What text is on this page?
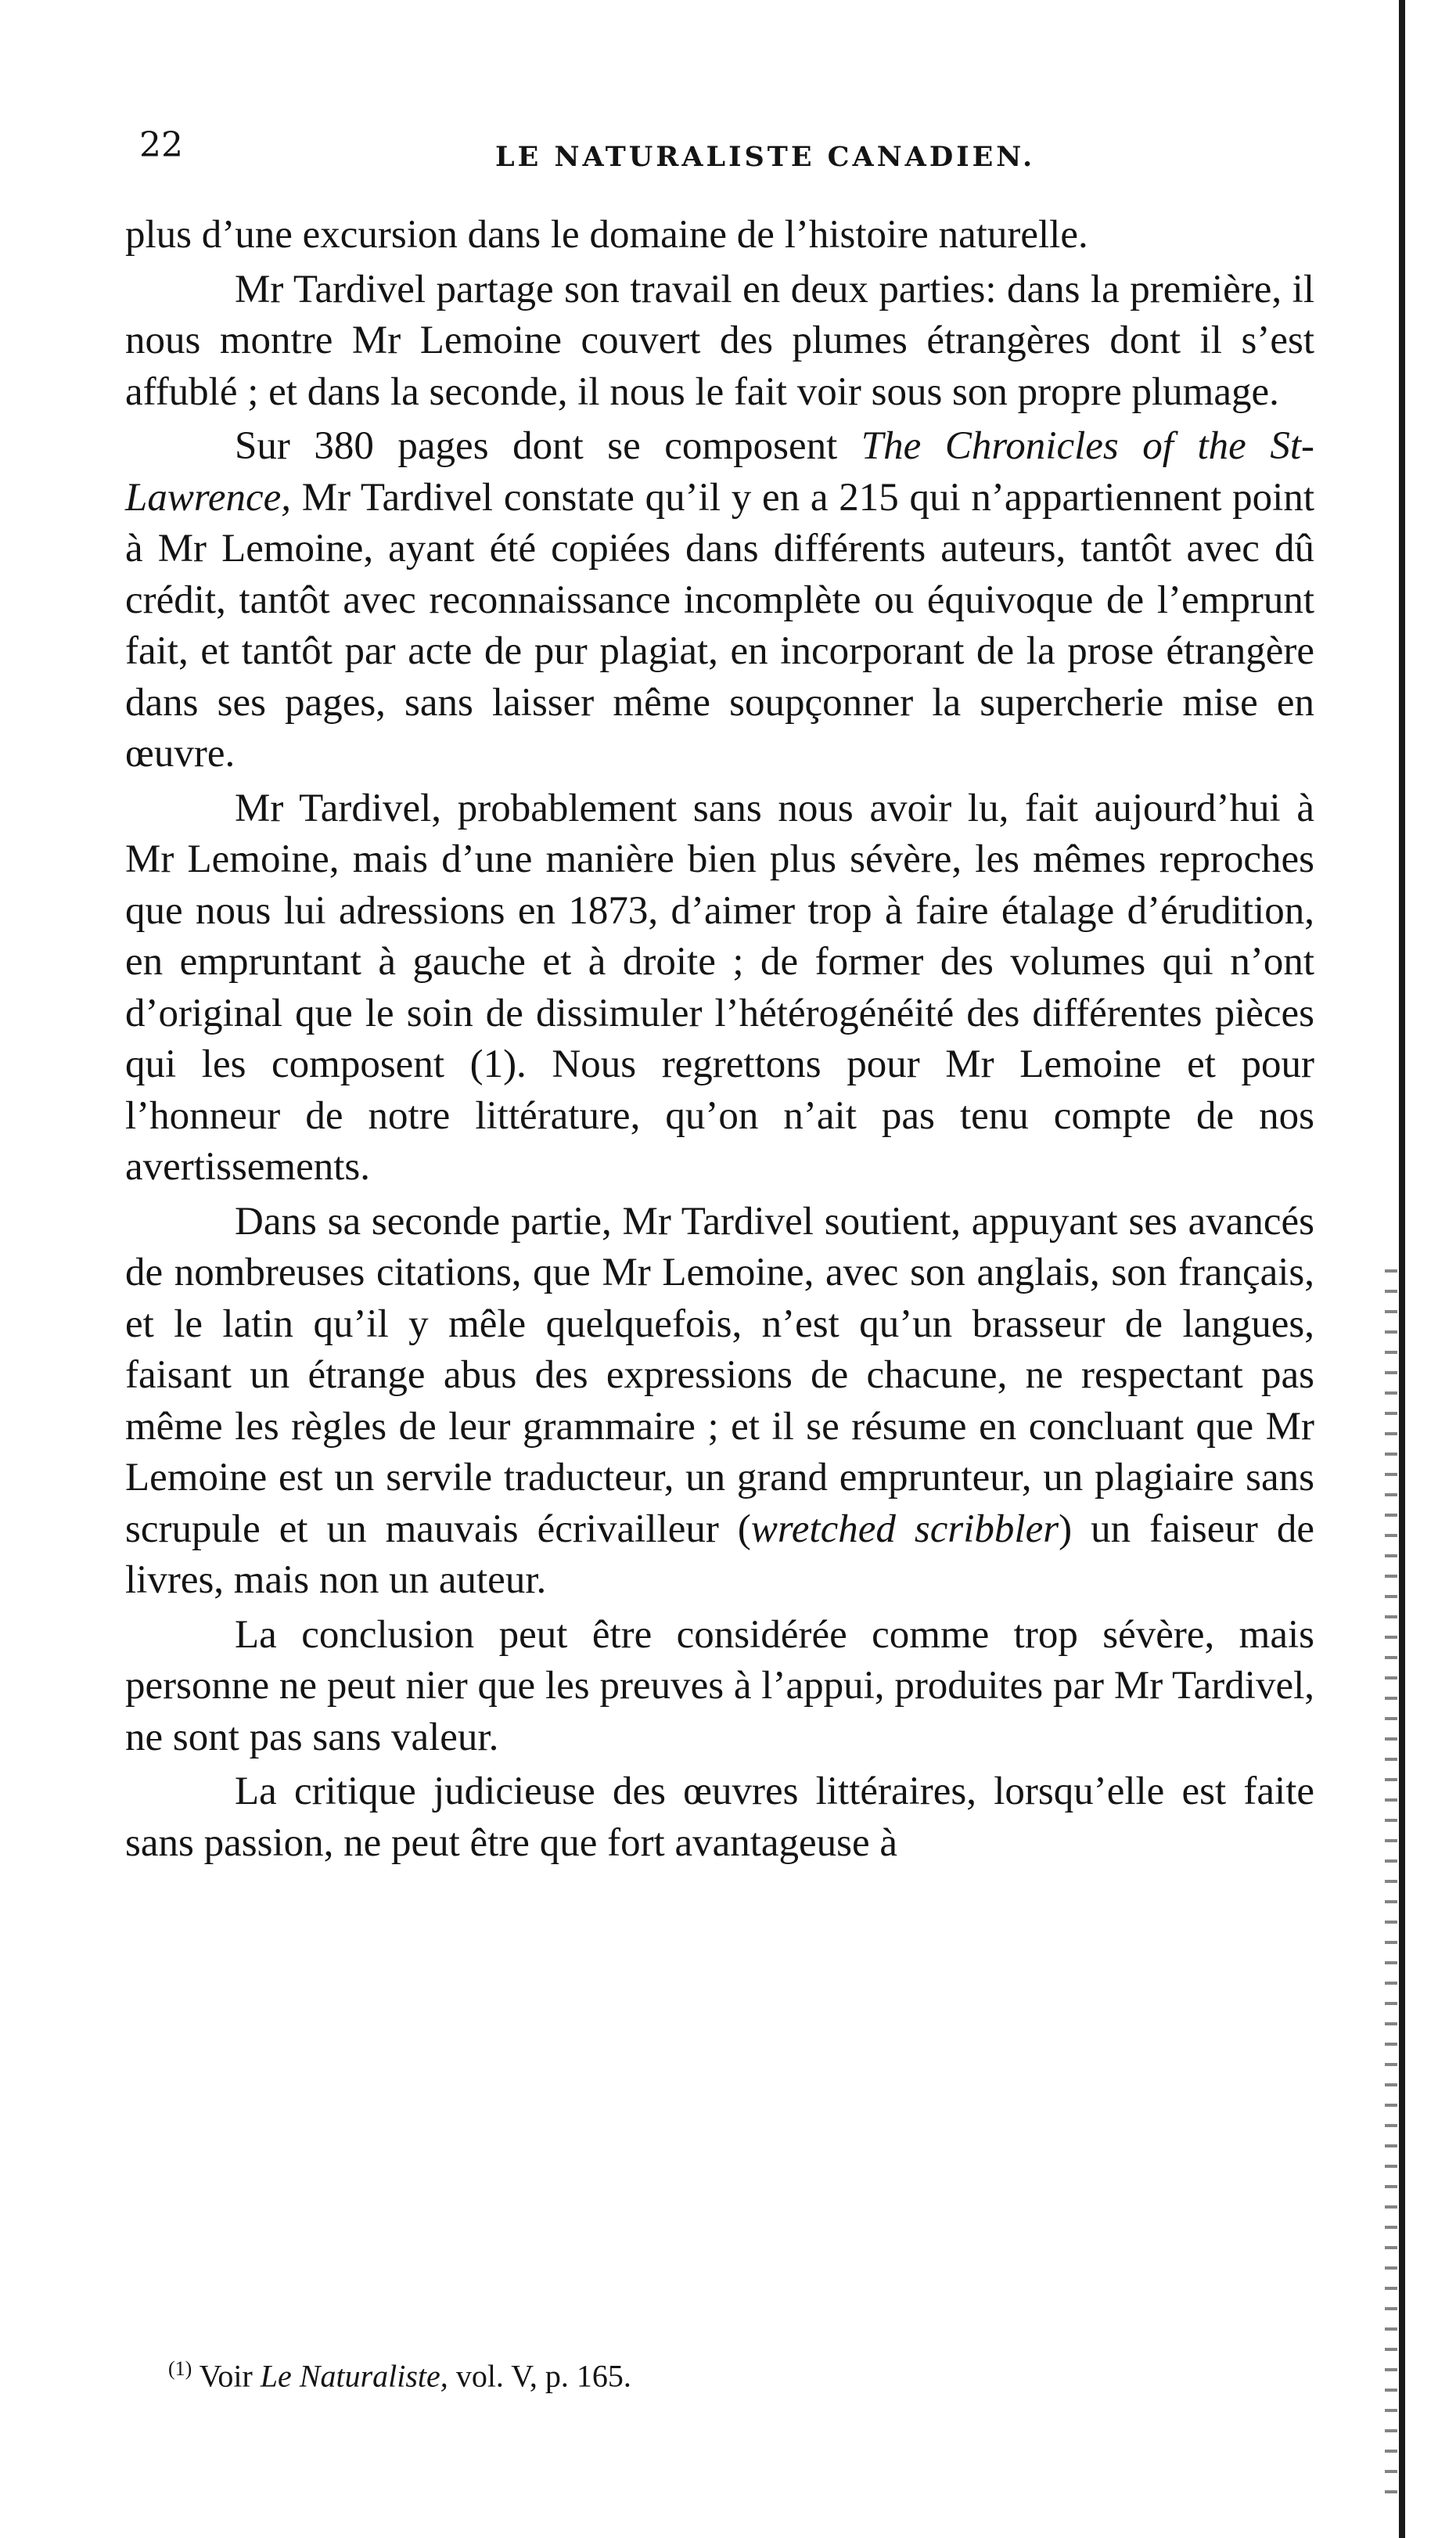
22	LE NATURALISTE CANADIEN.

plus d’une excursion dans le domaine de l’histoire naturelle.

Mr Tardivel partage son travail en deux parties: dans la première, il nous montre Mr Lemoine couvert des plumes étrangères dont il s’est affublé ; et dans la seconde, il nous le fait voir sous son propre plumage.

Sur 380 pages dont se composent The Chronicles of the St-Lawrence, Mr Tardivel constate qu’il y en a 215 qui n’appartiennent point à Mr Lemoine, ayant été copiées dans différents auteurs, tantôt avec dû crédit, tantôt avec reconnaissance incomplète ou équivoque de l’emprunt fait, et tantôt par acte de pur plagiat, en incorporant de la prose étrangère dans ses pages, sans laisser même soupçonner la supercherie mise en œuvre.

Mr Tardivel, probablement sans nous avoir lu, fait aujourd’hui à Mr Lemoine, mais d’une manière bien plus sévère, les mêmes reproches que nous lui adressions en 1873, d’aimer trop à faire étalage d’érudition, en empruntant à gauche et à droite ; de former des volumes qui n’ont d’original que le soin de dissimuler l’hétérogénéité des différentes pièces qui les composent (1). Nous regrettons pour Mr Lemoine et pour l’honneur de notre littérature, qu’on n’ait pas tenu compte de nos avertissements.

Dans sa seconde partie, Mr Tardivel soutient, appuyant ses avancés de nombreuses citations, que Mr Lemoine, avec son anglais, son français, et le latin qu’il y mêle quelquefois, n’est qu’un brasseur de langues, faisant un étrange abus des expressions de chacune, ne respectant pas même les règles de leur grammaire ; et il se résume en concluant que Mr Lemoine est un servile traducteur, un grand emprunteur, un plagiaire sans scrupule et un mauvais écrivailleur (wretched scribbler) un faiseur de livres, mais non un auteur.

La conclusion peut être considérée comme trop sévère, mais personne ne peut nier que les preuves à l’appui, produites par Mr Tardivel, ne sont pas sans valeur.

La critique judicieuse des œuvres littéraires, lorsqu’elle est faite sans passion, ne peut être que fort avantageuse à

$^{(1)}$ Voir Le Naturaliste, vol. V, p. 165.
